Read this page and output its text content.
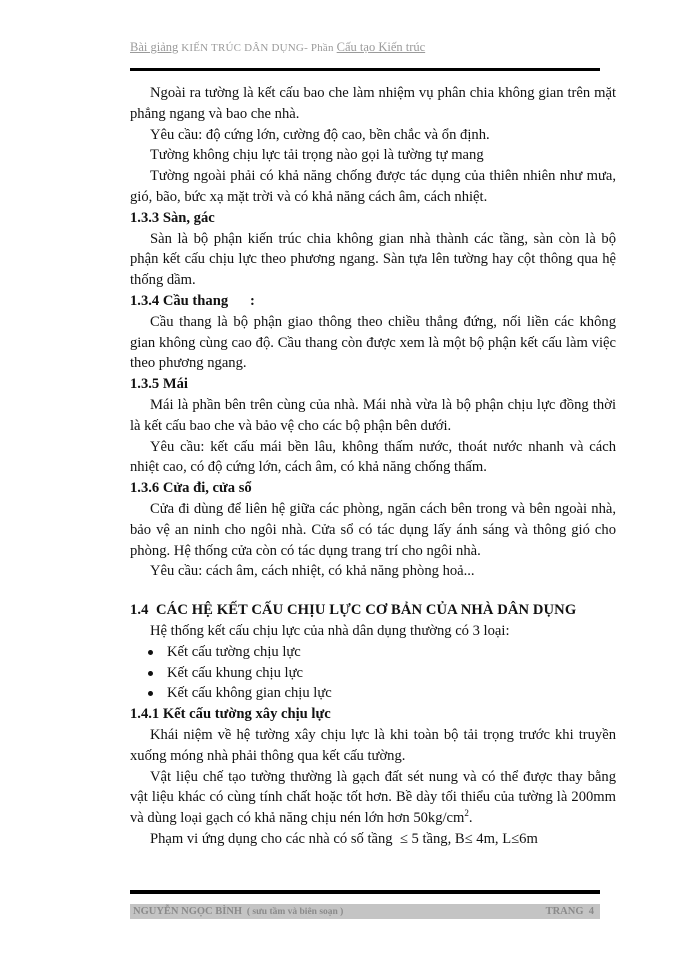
Bài giảng KIẾN TRÚC DÂN DỤNG- Phần Cấu tạo Kiến trúc

Ngoài ra tường là kết cấu bao che làm nhiệm vụ phân chia không gian trên mặt phẳng ngang và bao che nhà.

Yêu cầu: độ cứng lớn, cường độ cao, bền chắc và ổn định.

Tường không chịu lực tải trọng nào gọi là tường tự mang

Tường ngoài phải có khả năng chống được tác dụng của thiên nhiên như mưa, gió, bão, bức xạ mặt trời và có khả năng cách âm, cách nhiệt.

1.3.3 Sàn, gác

Sàn là bộ phận kiến trúc chia không gian nhà thành các tầng, sàn còn là bộ phận kết cấu chịu lực theo phương ngang. Sàn tựa lên tường hay cột thông qua hệ thống dầm.

1.3.4 Cầu thang      :

Cầu thang là bộ phận giao thông theo chiều thẳng đứng, nối liền các không gian không cùng cao độ. Cầu thang còn được xem là một bộ phận kết cấu làm việc theo phương ngang.

1.3.5 Mái

Mái là phần bên trên cùng của nhà. Mái nhà vừa là bộ phận chịu lực đồng thời là kết cấu bao che và bảo vệ cho các bộ phận bên dưới.

Yêu cầu: kết cấu mái bền lâu, không thấm nước, thoát nước nhanh và cách nhiệt cao, có độ cứng lớn, cách âm, có khả năng chống thấm.

1.3.6 Cửa đi, cửa sổ

Cửa đi dùng để liên hệ giữa các phòng, ngăn cách bên trong và bên ngoài nhà, bảo vệ an ninh cho ngôi nhà. Cửa sổ có tác dụng lấy ánh sáng và thông gió cho phòng. Hệ thống cửa còn có tác dụng trang trí cho ngôi nhà.

Yêu cầu: cách âm, cách nhiệt, có khả năng phòng hoả...

1.4  CÁC HỆ KẾT CẤU CHỊU LỰC CƠ BẢN CỦA NHÀ DÂN DỤNG

Hệ thống kết cấu chịu lực của nhà dân dụng thường có 3 loại:

Kết cấu tường chịu lực
Kết cấu khung chịu lực
Kết cấu không gian chịu lực
1.4.1 Kết cấu tường xây chịu lực

Khái niệm về hệ tường xây chịu lực là khi toàn bộ tải trọng trước khi truyền xuống móng nhà phải thông qua kết cấu tường.

Vật liệu chế tạo tường thường là gạch đất sét nung và có thể được thay bằng vật liệu khác có cùng tính chất hoặc tốt hơn. Bề dày tối thiểu của tường là 200mm và dùng loại gạch có khả năng chịu nén lớn hơn $50kg/cm^2$.

Phạm vi ứng dụng cho các nhà có số tầng  ≤ 5 tầng, B≤ 4m, L≤6m

NGUYỄN NGỌC BÌNH  ( sưu tầm và biên soạn )	TRANG  4
